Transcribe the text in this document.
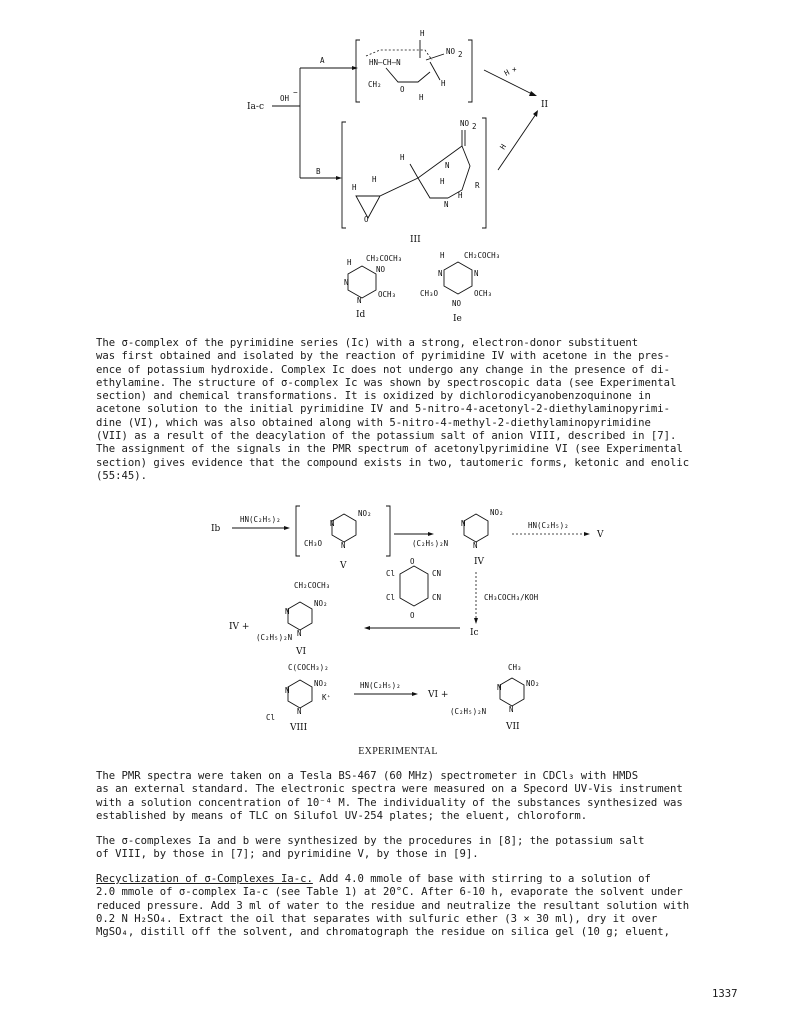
Ia-c
OH
−
A
B
H
HN—CH—N
NO 2
H
CH₂
O
H
H +
II
H
NO 2
H
H
H
H
N
N
H
R
O
III
H CH₂COCH₃
NO
N
N
OCH₃
Id
H	CH₂COCH₃
N	N
CH₃O	OCH₃
NO
Ie
The σ-complex of the pyrimidine series (Ic) with a strong, electron-donor substituent
was first obtained and isolated by the reaction of pyrimidine IV with acetone in the pres-
ence of potassium hydroxide. Complex Ic does not undergo any change in the presence of di-
ethylamine. The structure of σ-complex Ic was shown by spectroscopic data (see Experimental
section) and chemical transformations. It is oxidized by dichlorodicyanobenzoquinone in
acetone solution to the initial pyrimidine IV and 5-nitro-4-acetonyl-2-diethylaminopyrimi-
dine (VI), which was also obtained along with 5-nitro-4-methyl-2-diethylaminopyrimidine
(VII) as a result of the deacylation of the potassium salt of anion VIII, described in [7].
The assignment of the signals in the PMR spectrum of acetonylpyrimidine VI (see Experimental
section) gives evidence that the compound exists in two, tautomeric forms, ketonic and enolic
(55:45).
Ib
HN(C₂H₅)₂
NO₂
N
N
CH₃O
V
NO₂
N
N
(C₂H₅)₂N
IV
HN(C₂H₅)₂
V
CH₃COCH₃/KOH
Ic
O
O
Cl
Cl
CN
CN
IV +
CH₂COCH₃
NO₂
N
N
(C₂H₅)₂N
VI
C(COCH₃)₂
NO₂
K⁺
N
N
Cl
VIII
HN(C₂H₅)₂
VI +
CH₃
NO₂
N
N
(C₂H₅)₂N
VII
EXPERIMENTAL
The PMR spectra were taken on a Tesla BS-467 (60 MHz) spectrometer in CDCl₃ with HMDS
as an external standard. The electronic spectra were measured on a Specord UV-Vis instrument
with a solution concentration of 10⁻⁴ M. The individuality of the substances synthesized was
established by means of TLC on Silufol UV-254 plates; the eluent, chloroform.
The σ-complexes Ia and b were synthesized by the procedures in [8]; the potassium salt
of VIII, by those in [7]; and pyrimidine V, by those in [9].
Recyclization of σ-Complexes Ia-c. Add 4.0 mmole of base with stirring to a solution of
2.0 mmole of σ-complex Ia-c (see Table 1) at 20°C. After 6-10 h, evaporate the solvent under
reduced pressure. Add 3 ml of water to the residue and neutralize the resultant solution with
0.2 N H₂SO₄. Extract the oil that separates with sulfuric ether (3 × 30 ml), dry it over
MgSO₄, distill off the solvent, and chromatograph the residue on silica gel (10 g; eluent,
1337
